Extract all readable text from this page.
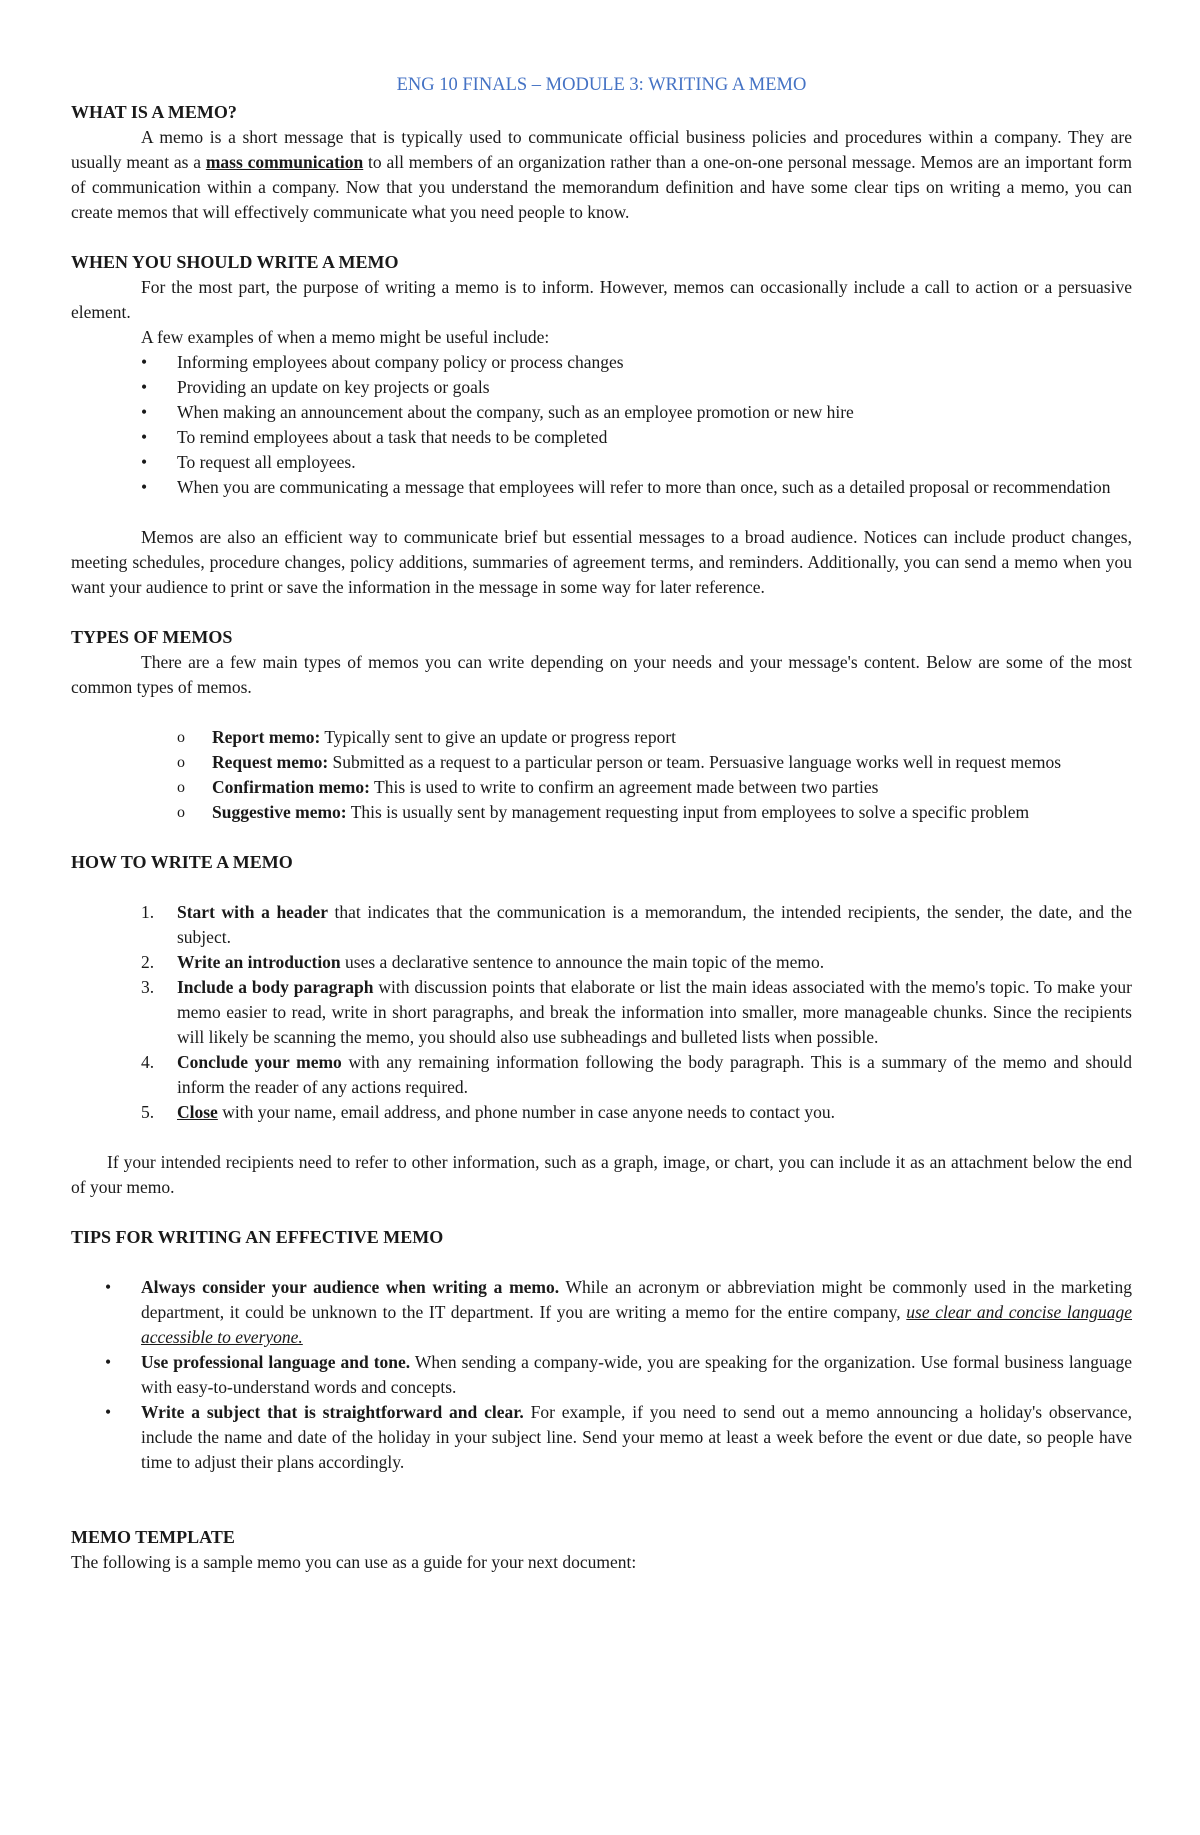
ENG 10 FINALS – MODULE 3: WRITING A MEMO
WHAT IS A MEMO?

A memo is a short message that is typically used to communicate official business policies and procedures within a company. They are usually meant as a mass communication to all members of an organization rather than a one-on-one personal message. Memos are an important form of communication within a company. Now that you understand the memorandum definition and have some clear tips on writing a memo, you can create memos that will effectively communicate what you need people to know.

WHEN YOU SHOULD WRITE A MEMO

For the most part, the purpose of writing a memo is to inform. However, memos can occasionally include a call to action or a persuasive element.

A few examples of when a memo might be useful include:

• Informing employees about company policy or process changes
• Providing an update on key projects or goals
• When making an announcement about the company, such as an employee promotion or new hire
• To remind employees about a task that needs to be completed
• To request all employees.
• When you are communicating a message that employees will refer to more than once, such as a detailed proposal or recommendation

Memos are also an efficient way to communicate brief but essential messages to a broad audience. Notices can include product changes, meeting schedules, procedure changes, policy additions, summaries of agreement terms, and reminders. Additionally, you can send a memo when you want your audience to print or save the information in the message in some way for later reference.

TYPES OF MEMOS

There are a few main types of memos you can write depending on your needs and your message's content. Below are some of the most common types of memos.

o Report memo: Typically sent to give an update or progress report
o Request memo: Submitted as a request to a particular person or team. Persuasive language works well in request memos
o Confirmation memo: This is used to write to confirm an agreement made between two parties
o Suggestive memo: This is usually sent by management requesting input from employees to solve a specific problem
HOW TO WRITE A MEMO
1. Start with a header that indicates that the communication is a memorandum, the intended recipients, the sender, the date, and the subject.
2. Write an introduction uses a declarative sentence to announce the main topic of the memo.
3. Include a body paragraph with discussion points that elaborate or list the main ideas associated with the memo's topic. To make your memo easier to read, write in short paragraphs, and break the information into smaller, more manageable chunks. Since the recipients will likely be scanning the memo, you should also use subheadings and bulleted lists when possible.
4. Conclude your memo with any remaining information following the body paragraph. This is a summary of the memo and should inform the reader of any actions required.
5. Close with your name, email address, and phone number in case anyone needs to contact you.

If your intended recipients need to refer to other information, such as a graph, image, or chart, you can include it as an attachment below the end of your memo.

TIPS FOR WRITING AN EFFECTIVE MEMO
• Always consider your audience when writing a memo. While an acronym or abbreviation might be commonly used in the marketing department, it could be unknown to the IT department. If you are writing a memo for the entire company, use clear and concise language accessible to everyone.
• Use professional language and tone. When sending a company-wide, you are speaking for the organization. Use formal business language with easy-to-understand words and concepts.
• Write a subject that is straightforward and clear. For example, if you need to send out a memo announcing a holiday's observance, include the name and date of the holiday in your subject line. Send your memo at least a week before the event or due date, so people have time to adjust their plans accordingly.
MEMO TEMPLATE

The following is a sample memo you can use as a guide for your next document:
